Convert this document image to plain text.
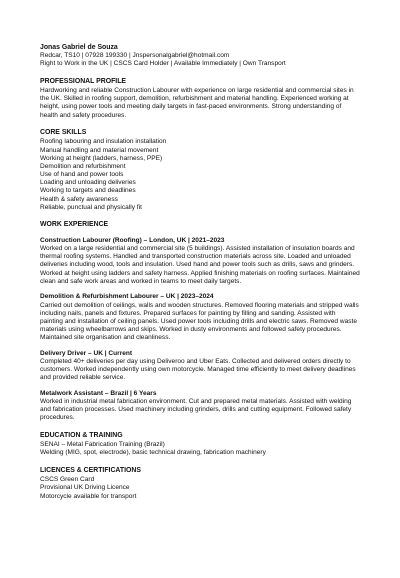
Jonas Gabriel de Souza
Redcar, TS10 | 07928 199330 | Jnspersonalgabriel@hotmail.com
Right to Work in the UK | CSCS Card Holder | Available Immediately | Own Transport
PROFESSIONAL PROFILE

Hardworking and reliable Construction Labourer with experience on large residential and commercial sites in the UK. Skilled in roofing support, demolition, refurbishment and material handling. Experienced working at height, using power tools and meeting daily targets in fast-paced environments. Strong understanding of health and safety procedures.

CORE SKILLS
Roofing labouring and insulation installation
Manual handling and material movement
Working at height (ladders, harness, PPE)
Demolition and refurbishment
Use of hand and power tools
Loading and unloading deliveries
Working to targets and deadlines
Health & safety awareness
Reliable, punctual and physically fit
WORK EXPERIENCE
Construction Labourer (Roofing) – London, UK | 2021–2023

Worked on a large residential and commercial site (5 buildings). Assisted installation of insulation boards and thermal roofing systems. Handled and transported construction materials across site. Loaded and unloaded deliveries including wood, tools and insulation. Used hand and power tools such as drills, saws and grinders. Worked at height using ladders and safety harness. Applied finishing materials on roofing surfaces. Maintained clean and safe work areas and worked in teams to meet daily targets.

Demolition & Refurbishment Labourer – UK | 2023–2024

Carried out demolition of ceilings, walls and wooden structures. Removed flooring materials and stripped walls including nails, panels and fixtures. Prepared surfaces for painting by filling and sanding. Assisted with painting and installation of ceiling panels. Used power tools including drills and electric saws. Removed waste materials using wheelbarrows and skips. Worked in dusty environments and followed safety procedures. Maintained site organisation and cleanliness.

Delivery Driver – UK | Current

Completed 40+ deliveries per day using Deliveroo and Uber Eats. Collected and delivered orders directly to customers. Worked independently using own motorcycle. Managed time efficiently to meet delivery deadlines and provided reliable service.

Metalwork Assistant – Brazil | 6 Years

Worked in industrial metal fabrication environment. Cut and prepared metal materials. Assisted with welding and fabrication processes. Used machinery including grinders, drills and cutting equipment. Followed safety procedures.

EDUCATION & TRAINING
SENAI – Metal Fabrication Training (Brazil)
Welding (MIG, spot, electrode), basic technical drawing, fabrication machinery
LICENCES & CERTIFICATIONS
CSCS Green Card
Provisional UK Driving Licence
Motorcycle available for transport
